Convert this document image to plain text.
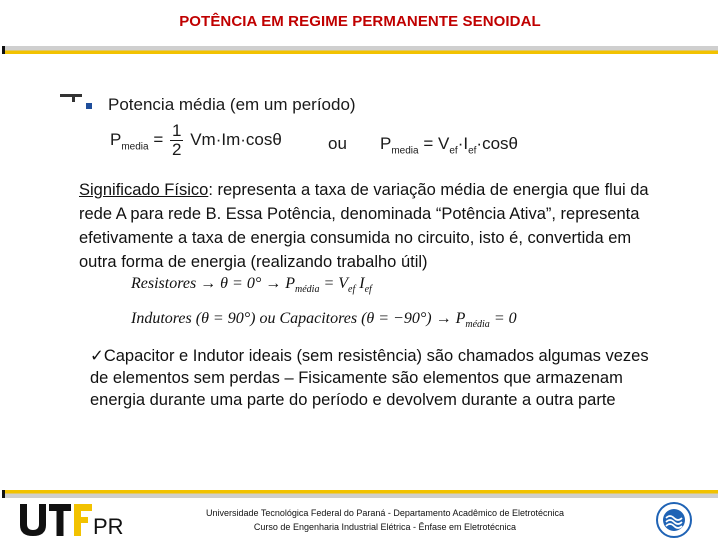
POTÊNCIA EM REGIME PERMANENTE SENOIDAL
Potencia média (em um período)
$P_{media} = \frac{1}{2} Vm\cdot Im\cdot\cos\theta$	ou $P_{media} = V_{ef}\cdot I_{ef}\cdot\cos\theta$
Significado Físico: representa a taxa de variação média de energia que flui da rede A para rede B. Essa Potência, denominada “Potência Ativa”, representa efetivamente a taxa de energia consumida no circuito, isto é, convertida em outra forma de energia (realizando trabalho útil)
Resistores → $\theta = 0^\circ \to P_{média} = V_{ef}$ $I_{ef}$
Indutores (θ = 90°) ou Capacitores $(\theta = -90^\circ) \to P_{média} = 0$
✓Capacitor e Indutor ideais (sem resistência) são chamados algumas vezes de elementos sem perdas – Fisicamente são elementos que armazenam energia durante uma parte do período e devolvem durante a outra parte
PR
Universidade Tecnológica Federal do Paraná - Departamento Acadêmico de Eletrotécnica
Curso de Engenharia Industrial Elétrica - Ênfase em Eletrotécnica
